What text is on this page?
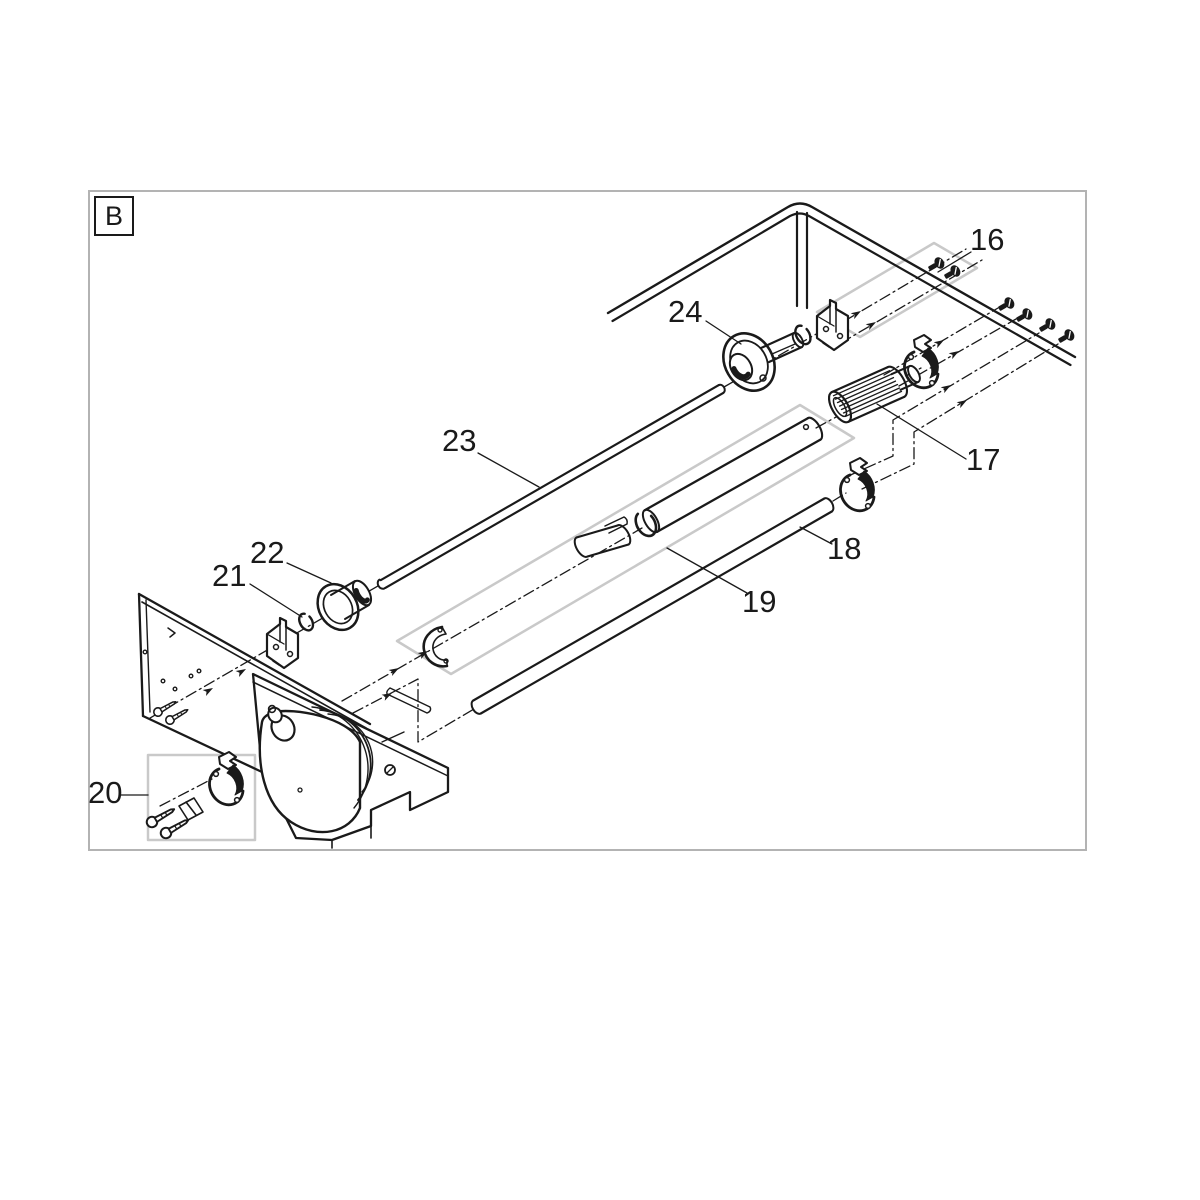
B
16
17
18
19
20
21
22
23
24
